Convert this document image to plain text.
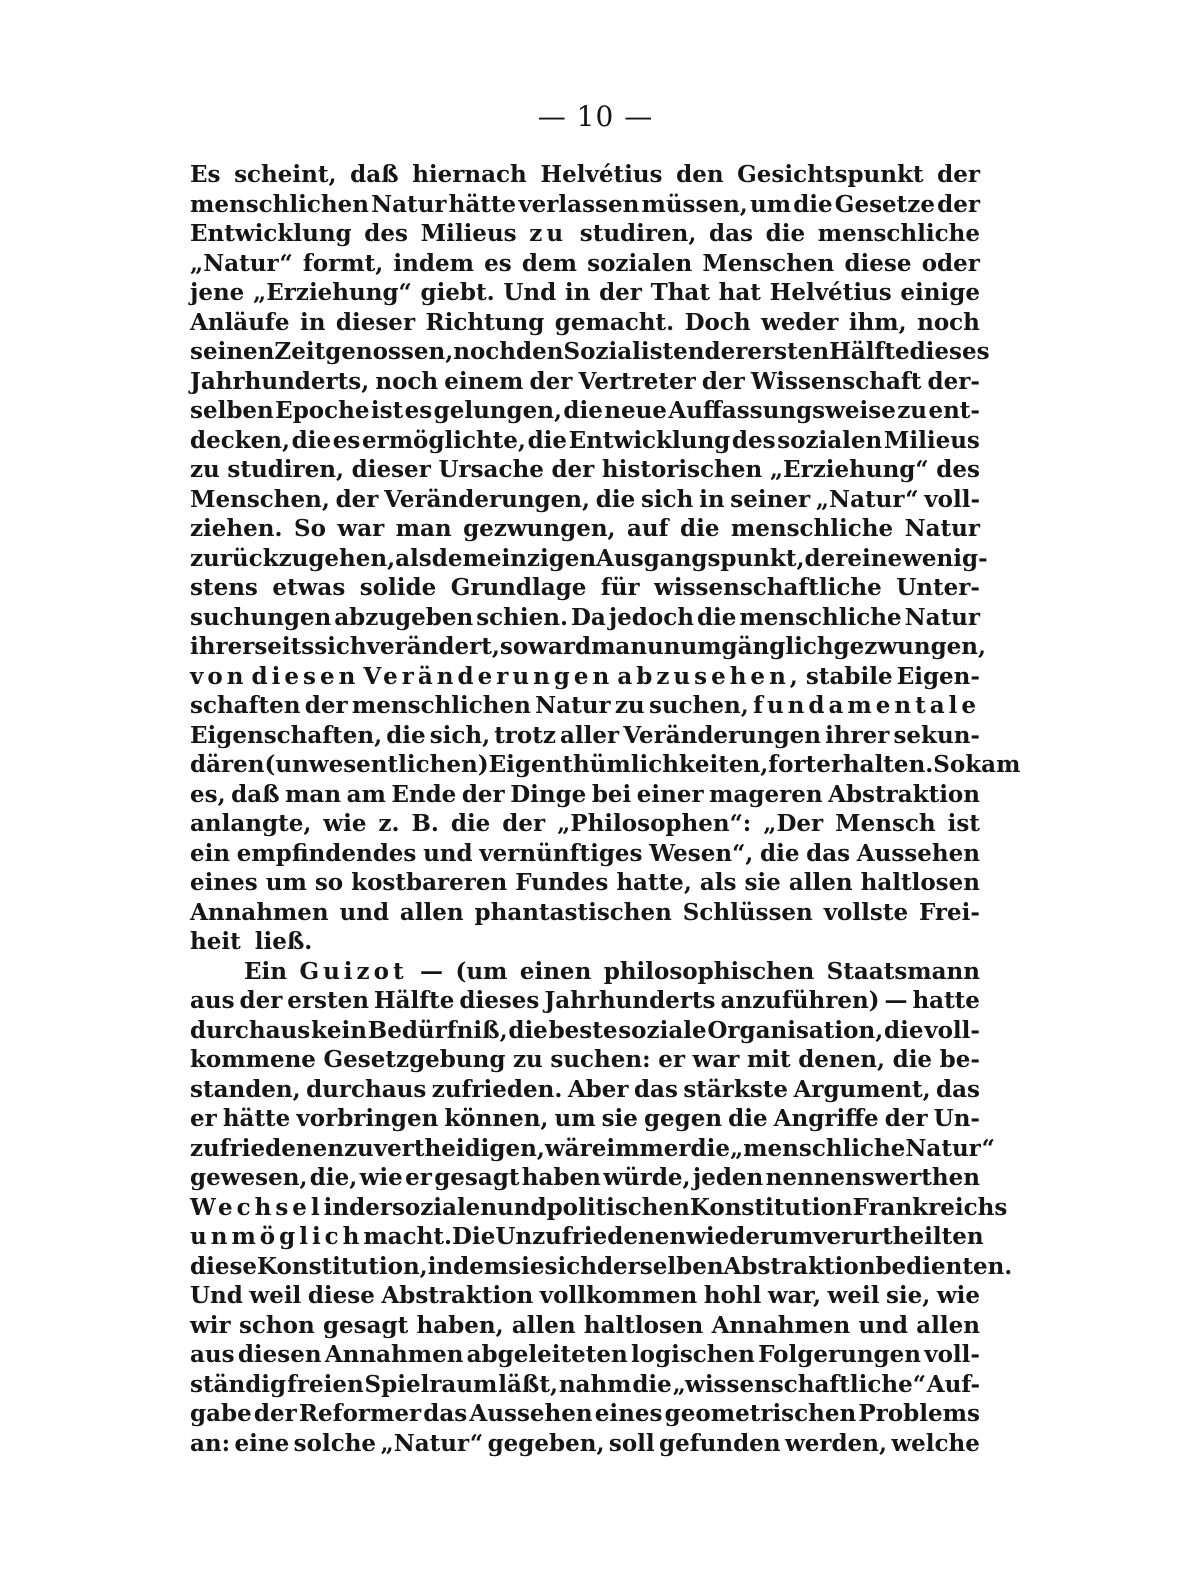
— 10 —
Es scheint, daß hiernach Helvétius den Gesichtspunkt der
menschlichen Natur hätte verlassen müssen, um die Gesetze der
Entwicklung des Milieus zu studiren, das die menschliche
„Natur“ formt, indem es dem sozialen Menschen diese oder
jene „Erziehung“ giebt. Und in der That hat Helvétius einige
Anläufe in dieser Richtung gemacht. Doch weder ihm, noch
seinen Zeitgenossen, noch den Sozialisten der ersten Hälfte dieses
Jahrhunderts, noch einem der Vertreter der Wissenschaft der-
selben Epoche ist es gelungen, die neue Auffassungsweise zu ent-
decken, die es ermöglichte, die Entwicklung des sozialen Milieus
zu studiren, dieser Ursache der historischen „Erziehung“ des
Menschen, der Veränderungen, die sich in seiner „Natur“ voll-
ziehen. So war man gezwungen, auf die menschliche Natur
zurückzugehen, als dem einzigen Ausgangspunkt, der eine wenig-
stens etwas solide Grundlage für wissenschaftliche Unter-
suchungen abzugeben schien. Da jedoch die menschliche Natur
ihrerseits sich verändert, so ward man unumgänglich gezwungen,
von diesen Veränderungen abzusehen, stabile Eigen-
schaften der menschlichen Natur zu suchen, fundamentale
Eigenschaften, die sich, trotz aller Veränderungen ihrer sekun-
dären (unwesentlichen) Eigenthümlichkeiten, forterhalten. So kam
es, daß man am Ende der Dinge bei einer mageren Abstraktion
anlangte, wie z. B. die der „Philosophen“: „Der Mensch ist
ein empfindendes und vernünftiges Wesen“, die das Aussehen
eines um so kostbareren Fundes hatte, als sie allen haltlosen
Annahmen und allen phantastischen Schlüssen vollste Frei-
heit ließ.
Ein Guizot — (um einen philosophischen Staatsmann
aus der ersten Hälfte dieses Jahrhunderts anzuführen) — hatte
durchaus kein Bedürfniß, die beste soziale Organisation, die voll-
kommene Gesetzgebung zu suchen: er war mit denen, die be-
standen, durchaus zufrieden. Aber das stärkste Argument, das
er hätte vorbringen können, um sie gegen die Angriffe der Un-
zufriedenen zu vertheidigen, wäre immer die „menschliche Natur“
gewesen, die, wie er gesagt haben würde, jeden nennenswerthen
Wechsel in der sozialen und politischen Konstitution Frankreichs
unmöglich macht. Die Unzufriedenen wiederum verurtheilten
diese Konstitution, indem sie sich derselben Abstraktion bedienten.
Und weil diese Abstraktion vollkommen hohl war, weil sie, wie
wir schon gesagt haben, allen haltlosen Annahmen und allen
aus diesen Annahmen abgeleiteten logischen Folgerungen voll-
ständig freien Spielraum läßt, nahm die „wissenschaftliche“ Auf-
gabe der Reformer das Aussehen eines geometrischen Problems
an: eine solche „Natur“ gegeben, soll gefunden werden, welche
